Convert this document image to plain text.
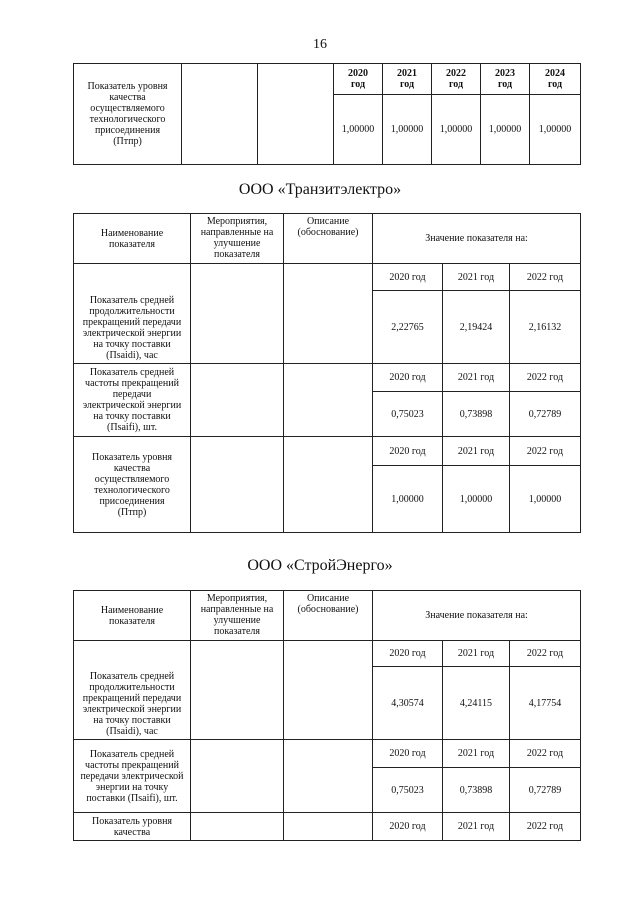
16
Показатель уровня качества осуществляемого технологического присоединения (Птпр)			2020 год	2021 год	2022 год	2023 год	2024 год
			1,00000	1,00000	1,00000	1,00000	1,00000
ООО «Транзитэлектро»
Наименование показателя	Мероприятия, направленные на улучшение показателя	Описание (обоснование)	Значение показателя на:		
Показатель средней продолжительности прекращений передачи электрической энергии на точку поставки (Пsaidi), час			2020 год	2021 год	2022 год
			2,22765	2,19424	2,16132
Показатель средней частоты прекращений передачи электрической энергии на точку поставки (Пsaifi), шт.			2020 год	2021 год	2022 год
			0,75023	0,73898	0,72789
Показатель уровня качества осуществляемого технологического присоединения (Птпр)			2020 год	2021 год	2022 год
			1,00000	1,00000	1,00000
ООО «СтройЭнерго»
Наименование показателя	Мероприятия, направленные на улучшение показателя	Описание (обоснование)	Значение показателя на:		
Показатель средней продолжительности прекращений передачи электрической энергии на точку поставки (Пsaidi), час			2020 год	2021 год	2022 год
			4,30574	4,24115	4,17754
Показатель средней частоты прекращений передачи электрической энергии на точку поставки (Пsaifi), шт.			2020 год	2021 год	2022 год
			0,75023	0,73898	0,72789
Показатель уровня качества			2020 год	2021 год	2022 год
